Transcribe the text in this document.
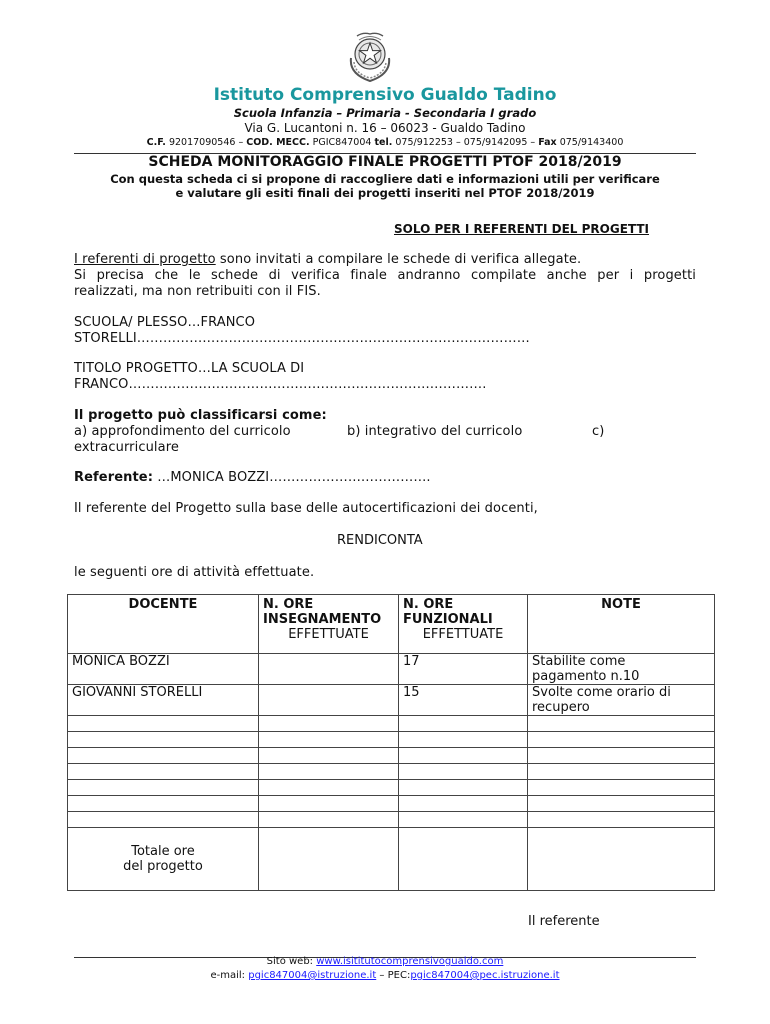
Istituto Comprensivo Gualdo Tadino
Scuola Infanzia – Primaria - Secondaria I grado
Via G. Lucantoni n. 16 – 06023 - Gualdo Tadino
C.F. 92017090546 – COD. MECC. PGIC847004 tel. 075/912253 – 075/9142095 – Fax 075/9143400
SCHEDA MONITORAGGIO FINALE PROGETTI PTOF 2018/2019
Con questa scheda ci si propone di raccogliere dati e informazioni utili per verificare
e valutare gli esiti finali dei progetti inseriti nel PTOF 2018/2019
SOLO PER I REFERENTI DEL PROGETTI
I referenti di progetto sono invitati a compilare le schede di verifica allegate.
Si precisa che le schede di verifica finale andranno compilate anche per i progetti
realizzati, ma non retribuiti con il FIS.
SCUOLA/ PLESSO…FRANCO
STORELLI………………………………………………………………………………
TITOLO PROGETTO…LA SCUOLA DI
FRANCO……………………………………………………………………….
Il progetto può classificarsi come:
a) approfondimento del curricolo	b) integrativo del curricolo	c)
extracurriculare
Referente: …MONICA BOZZI……………………………….
Il referente del Progetto sulla base delle autocertificazioni dei docenti,
RENDICONTA
le seguenti ore di attività effettuate.
DOCENTE	N. ORE
INSEGNAMENTO
EFFETTUATE	N. ORE
FUNZIONALI
EFFETTUATE	NOTE
MONICA BOZZI		17	Stabilite come
pagamento n.10

GIOVANNI STORELLI		15	Svolte come orario di
recupero

Totale ore
del progetto			

Il referente
Sito web: www.isititutocomprensivogualdo.com
e-mail: pgic847004@istruzione.it – PEC:pgic847004@pec.istruzione.it
